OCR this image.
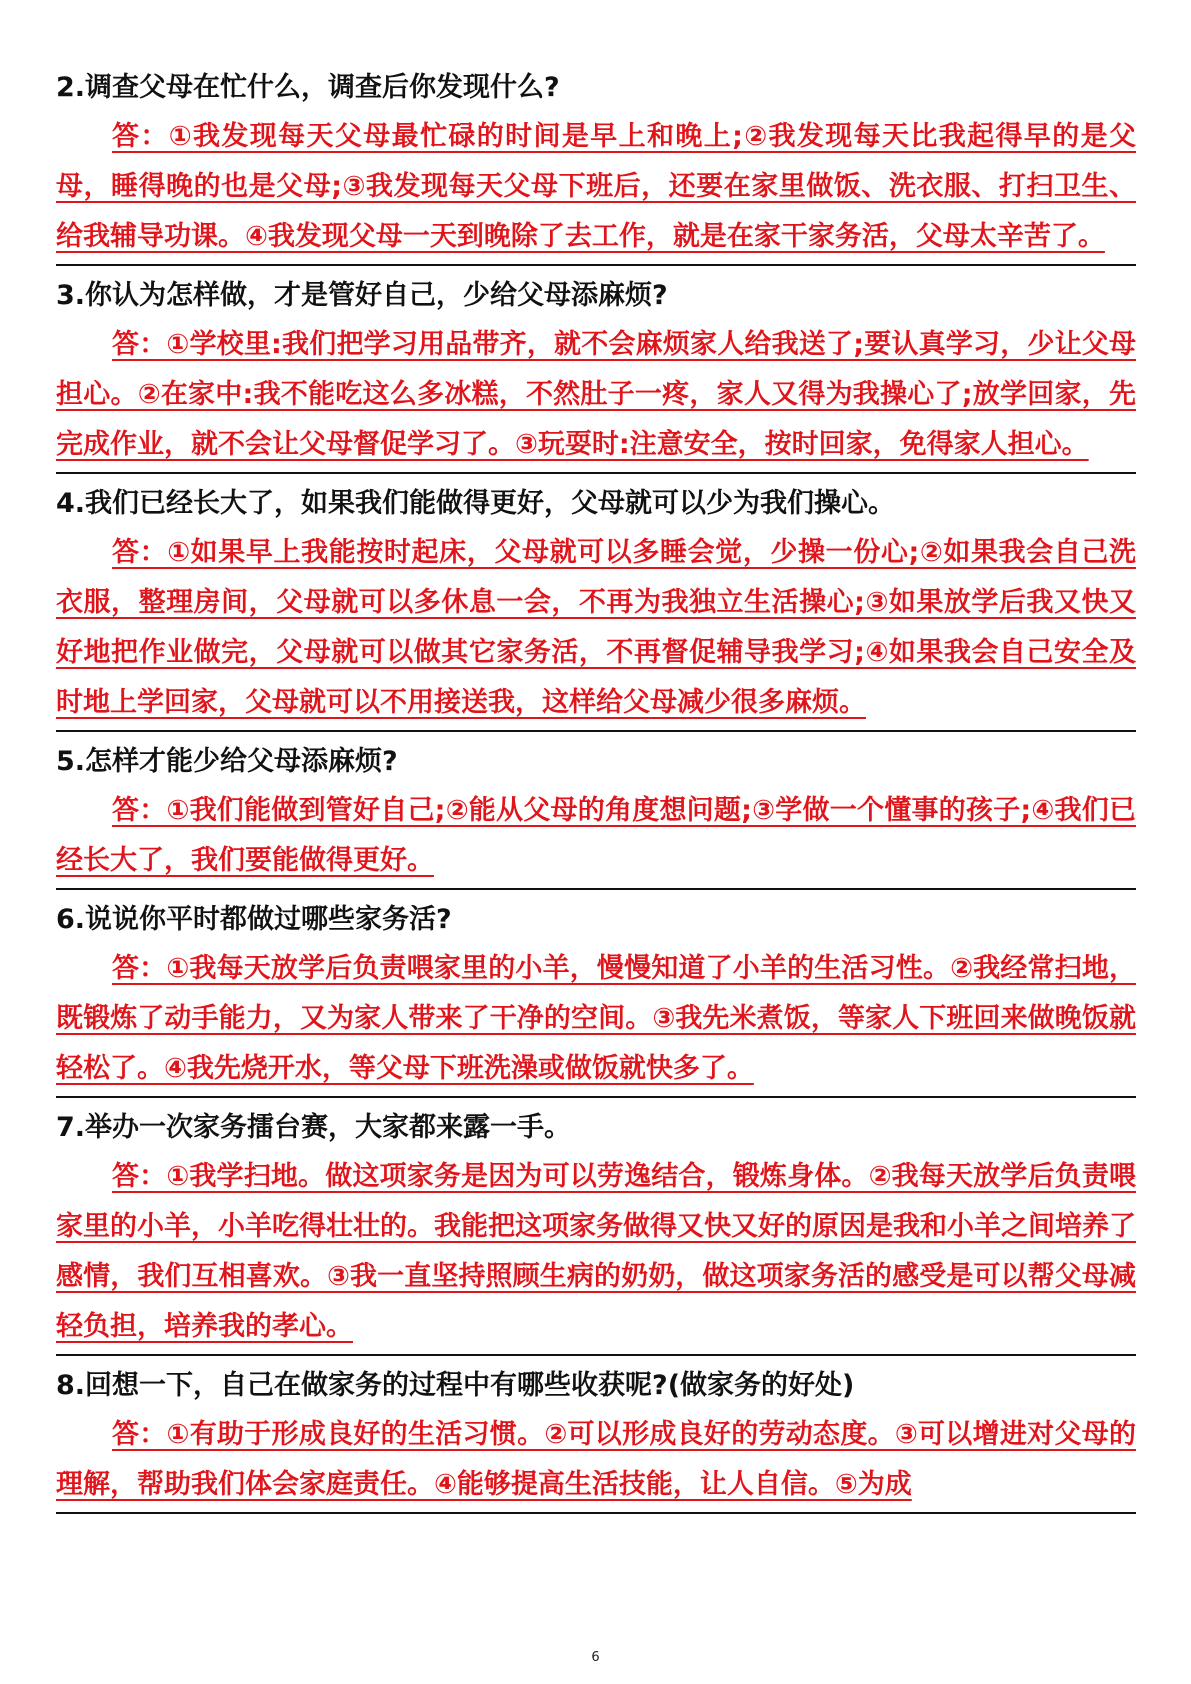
2.调查父母在忙什么，调查后你发现什么?

答：①我发现每天父母最忙碌的时间是早上和晚上;②我发现每天比我起得早的是父母，睡得晚的也是父母;③我发现每天父母下班后，还要在家里做饭、洗衣服、打扫卫生、给我辅导功课。④我发现父母一天到晚除了去工作，就是在家干家务活，父母太辛苦了。

3.你认为怎样做，才是管好自己，少给父母添麻烦?

答：①学校里:我们把学习用品带齐，就不会麻烦家人给我送了;要认真学习，少让父母担心。②在家中:我不能吃这么多冰糕，不然肚子一疼，家人又得为我操心了;放学回家，先完成作业，就不会让父母督促学习了。③玩耍时:注意安全，按时回家，免得家人担心。

4.我们已经长大了，如果我们能做得更好，父母就可以少为我们操心。

答：①如果早上我能按时起床，父母就可以多睡会觉，少操一份心;②如果我会自己洗衣服，整理房间，父母就可以多休息一会，不再为我独立生活操心;③如果放学后我又快又好地把作业做完，父母就可以做其它家务活，不再督促辅导我学习;④如果我会自己安全及时地上学回家，父母就可以不用接送我，这样给父母减少很多麻烦。

5.怎样才能少给父母添麻烦?

答：①我们能做到管好自己;②能从父母的角度想问题;③学做一个懂事的孩子;④我们已经长大了，我们要能做得更好。

6.说说你平时都做过哪些家务活?

答：①我每天放学后负责喂家里的小羊，慢慢知道了小羊的生活习性。②我经常扫地，既锻炼了动手能力，又为家人带来了干净的空间。③我先米煮饭，等家人下班回来做晚饭就轻松了。④我先烧开水，等父母下班洗澡或做饭就快多了。

7.举办一次家务擂台赛，大家都来露一手。

答：①我学扫地。做这项家务是因为可以劳逸结合，锻炼身体。②我每天放学后负责喂家里的小羊，小羊吃得壮壮的。我能把这项家务做得又快又好的原因是我和小羊之间培养了感情，我们互相喜欢。③我一直坚持照顾生病的奶奶，做这项家务活的感受是可以帮父母减轻负担，培养我的孝心。

8.回想一下，自己在做家务的过程中有哪些收获呢?(做家务的好处)

答：①有助于形成良好的生活习惯。②可以形成良好的劳动态度。③可以增进对父母的理解，帮助我们体会家庭责任。④能够提高生活技能，让人自信。⑤为成

6
